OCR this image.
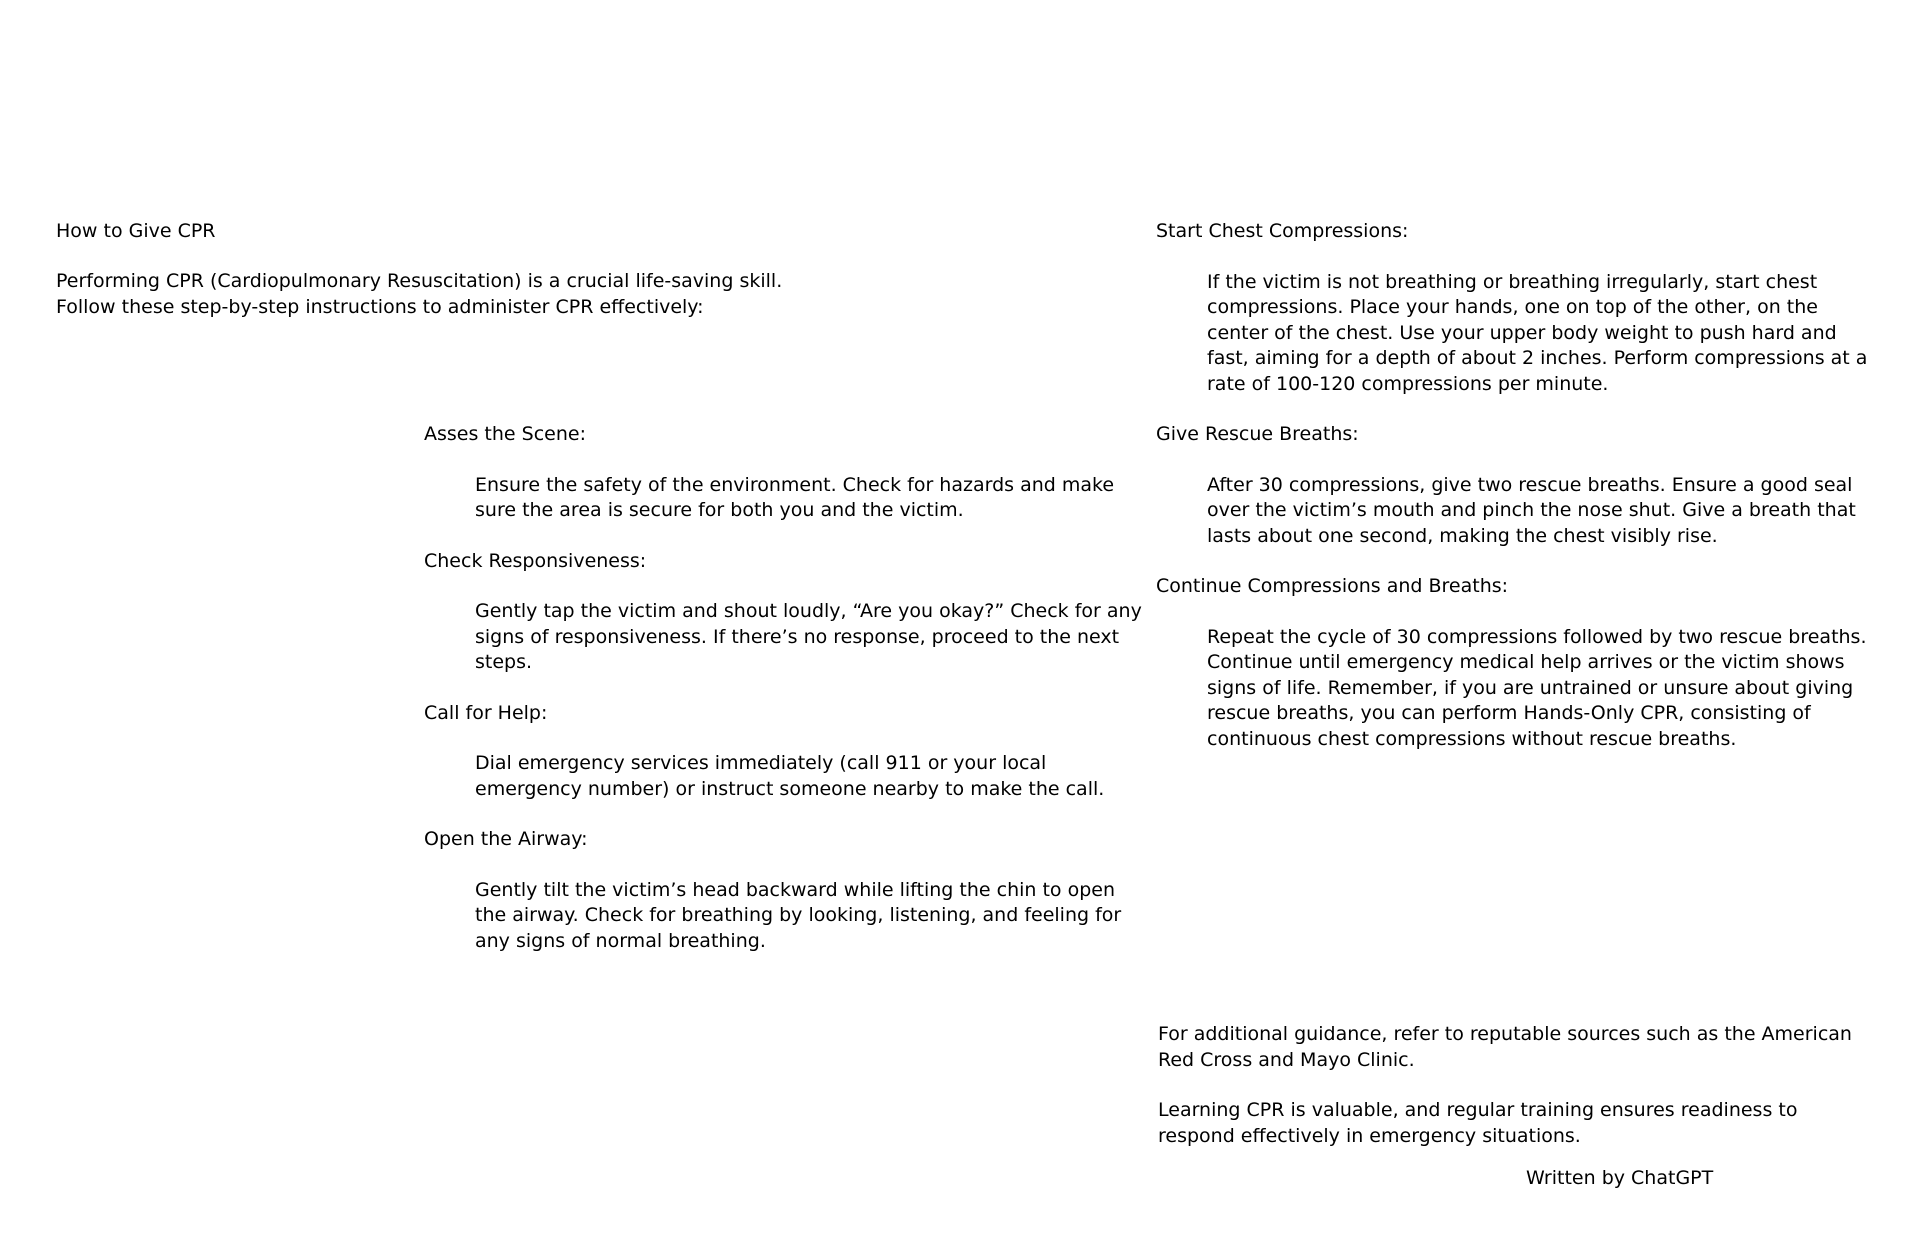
How to Give CPR

Performing CPR (Cardiopulmonary Resuscitation) is a crucial life-saving skill. Follow these step-by-step instructions to administer CPR effectively:

Asses the Scene:

Ensure the safety of the environment. Check for hazards and make sure the area is secure for both you and the victim.

Check Responsiveness:

Gently tap the victim and shout loudly, “Are you okay?” Check for any signs of responsiveness. If there’s no response, proceed to the next steps.

Call for Help:

Dial emergency services immediately (call 911 or your local emergency number) or instruct someone nearby to make the call.

Open the Airway:

Gently tilt the victim’s head backward while lifting the chin to open the airway. Check for breathing by looking, listening, and feeling for any signs of normal breathing.

Start Chest Compressions:

If the victim is not breathing or breathing irregularly, start chest compressions. Place your hands, one on top of the other, on the center of the chest. Use your upper body weight to push hard and fast, aiming for a depth of about 2 inches. Perform compressions at a rate of 100-120 compressions per minute.

Give Rescue Breaths:

After 30 compressions, give two rescue breaths. Ensure a good seal over the victim’s mouth and pinch the nose shut. Give a breath that lasts about one second, making the chest visibly rise.

Continue Compressions and Breaths:

Repeat the cycle of 30 compressions followed by two rescue breaths. Continue until emergency medical help arrives or the victim shows signs of life. Remember, if you are untrained or unsure about giving rescue breaths, you can perform Hands-Only CPR, consisting of continuous chest compressions without rescue breaths.

For additional guidance, refer to reputable sources such as the American Red Cross and Mayo Clinic.

Learning CPR is valuable, and regular training ensures readiness to respond effectively in emergency situations.

Written by ChatGPT
